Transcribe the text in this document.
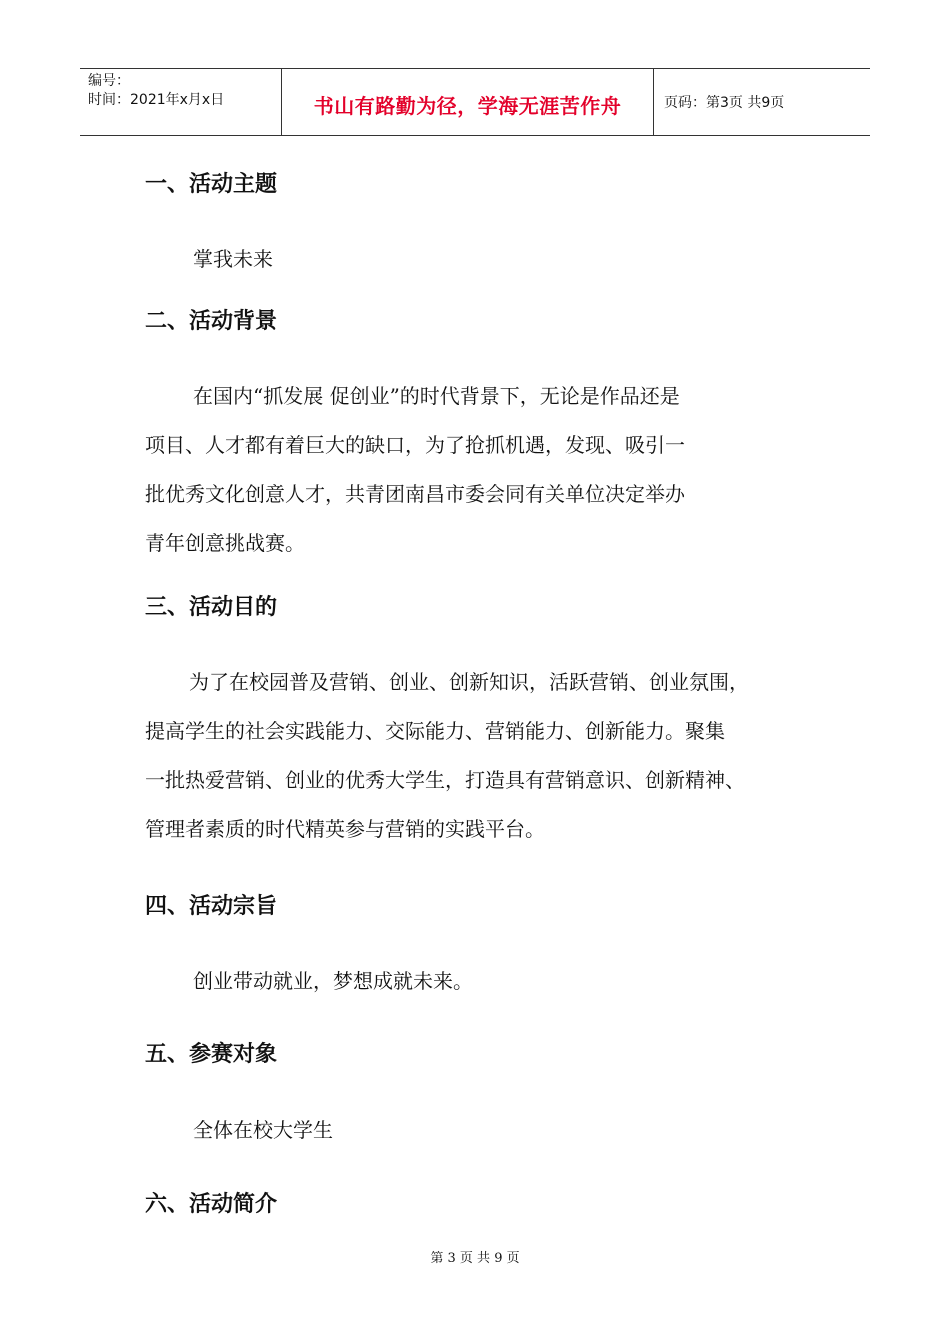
编号：
时间：2021年x月x日	书山有路勤为径，学海无涯苦作舟	页码：第3页 共9页
一、活动主题
掌我未来
二、活动背景
在国内“抓发展 促创业”的时代背景下，无论是作品还是
项目、人才都有着巨大的缺口，为了抢抓机遇，发现、吸引一
批优秀文化创意人才，共青团南昌市委会同有关单位决定举办
青年创意挑战赛。
三、活动目的
为了在校园普及营销、创业、创新知识，活跃营销、创业氛围，
提高学生的社会实践能力、交际能力、营销能力、创新能力。聚集
一批热爱营销、创业的优秀大学生，打造具有营销意识、创新精神、
管理者素质的时代精英参与营销的实践平台。
四、活动宗旨
创业带动就业，梦想成就未来。
五、参赛对象
全体在校大学生
六、活动简介
第 3 页 共 9 页
